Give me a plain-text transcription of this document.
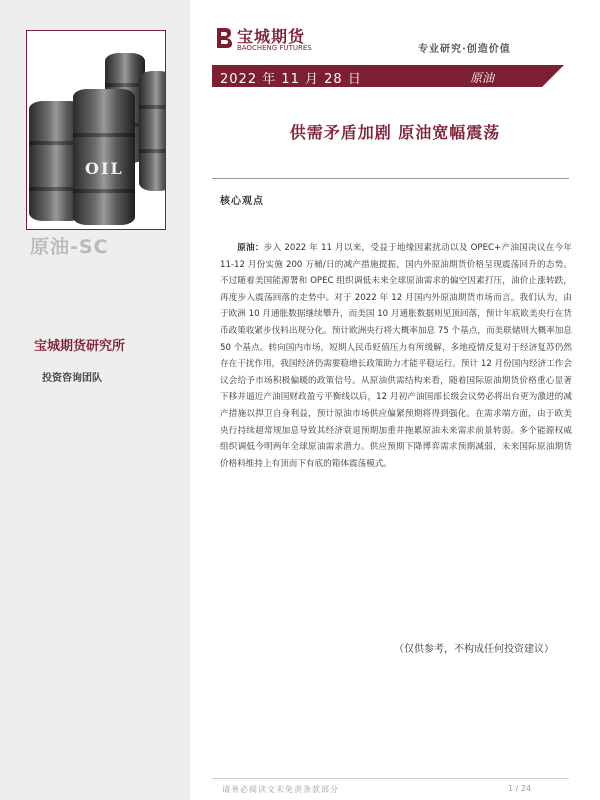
OIL
原油-SC
宝城期货研究所
投资咨询团队
宝城期货
BAOCHENG FUTURES	专业研究·创造价值
2022 年 11 月 28 日	原油
供需矛盾加剧 原油宽幅震荡
核心观点

原油：步入 2022 年 11 月以来，受益于地缘因素扰动以及 OPEC+产油国决议在今年 11-12 月份实施 200 万桶/日的减产措施提振，国内外原油期货价格呈现震荡回升的态势。不过随着美国能源署和 OPEC 组织调低未来全球原油需求的偏空因素打压，油价止涨转跌，再度步入震荡回落的走势中。对于 2022 年 12 月国内外原油期货市场而言。我们认为，由于欧洲 10 月通胀数据继续攀升，而美国 10 月通胀数据则见顶回落，预计年底欧美央行在货币政策收紧步伐料出现分化。预计欧洲央行将大概率加息 75 个基点，而美联储则大概率加息 50 个基点。转向国内市场，短期人民币贬值压力有所缓解，多地疫情反复对于经济复苏仍然存在干扰作用，我国经济仍需要稳增长政策助力才能平稳运行。预计 12 月份国内经济工作会议会给予市场积极偏暖的政策信号。从原油供需结构来看，随着国际原油期货价格重心显著下移并逼近产油国财政盈亏平衡线以后，12 月初产油国部长级会议势必将出台更为激进的减产措施以捍卫自身利益，预计原油市场供应偏紧预期将得到强化。在需求端方面，由于欧美央行持续超常规加息导致其经济衰退预期加重并拖累原油未来需求前景转弱。多个能源权威组织调低今明两年全球原油需求潜力。供应预期下降博弈需求预期减弱，未来国际原油期货价格料维持上有顶而下有底的箱体震荡模式。

（仅供参考，不构成任何投资建议）
请务必阅读文末免责条款部分	1 / 24
